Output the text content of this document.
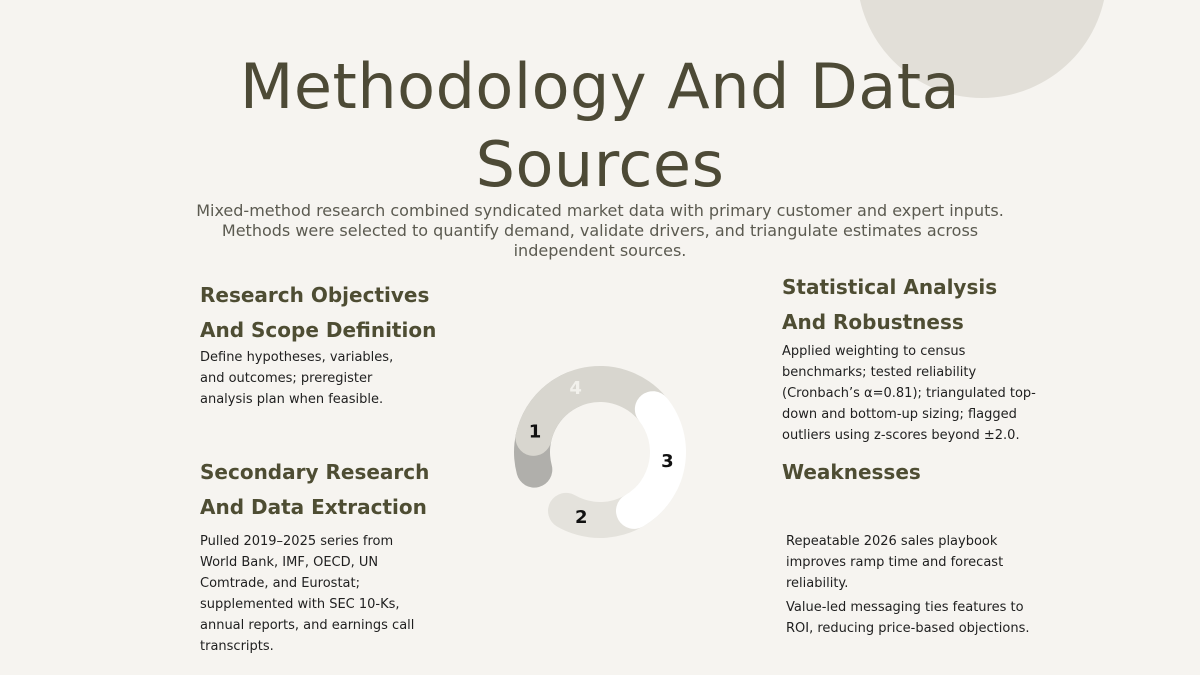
Methodology And Data Sources

Mixed-method research combined syndicated market data with primary customer and expert inputs. Methods were selected to quantify demand, validate drivers, and triangulate estimates across independent sources.

Research Objectives And Scope Definition

Define hypotheses, variables, and outcomes; preregister analysis plan when feasible.

Secondary Research And Data Extraction

Pulled 2019–2025 series from World Bank, IMF, OECD, UN Comtrade, and Eurostat; supplemented with SEC 10-Ks, annual reports, and earnings call transcripts.

Statistical Analysis And Robustness

Applied weighting to census benchmarks; tested reliability (Cronbach’s α=0.81); triangulated top-down and bottom-up sizing; flagged outliers using z-scores beyond ±2.0.

Weaknesses

Repeatable 2026 sales playbook improves ramp time and forecast reliability.

Value-led messaging ties features to ROI, reducing price-based objections.

1
2
3
4
